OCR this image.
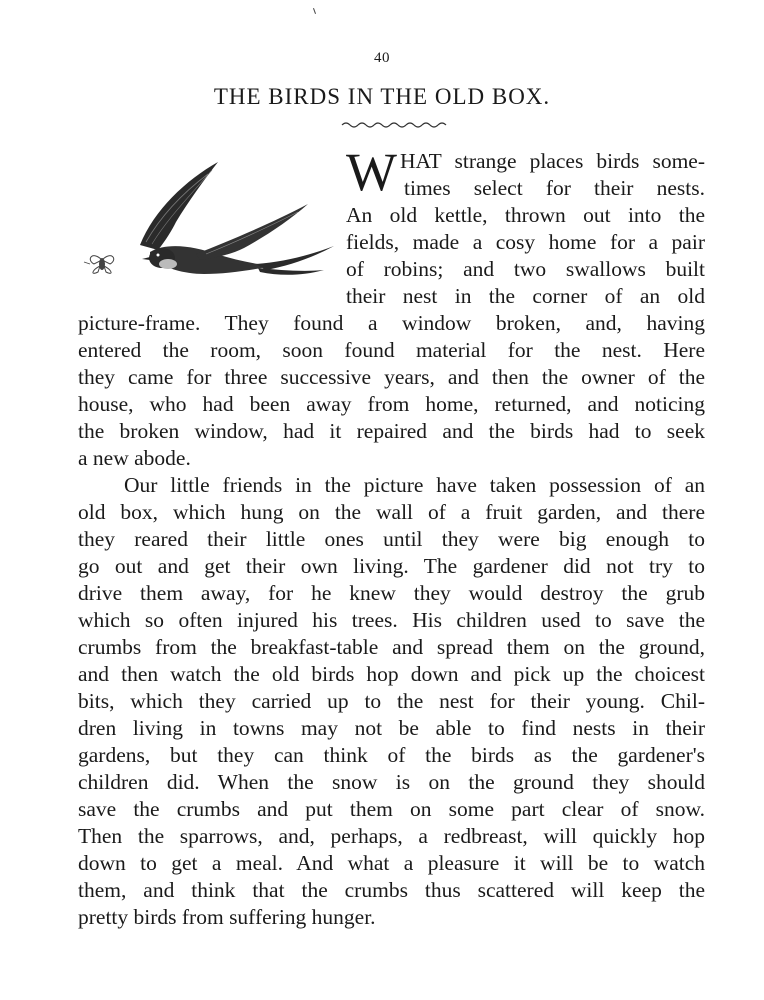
40
THE BIRDS IN THE OLD BOX.
W HAT strange places birds some-
times select for their nests.
An old kettle, thrown out into the
fields, made a cosy home for a pair
of robins; and two swallows built
their nest in the corner of an old
picture-frame. They found a window broken, and, having
entered the room, soon found material for the nest. Here
they came for three successive years, and then the owner of the
house, who had been away from home, returned, and noticing
the broken window, had it repaired and the birds had to seek
a new abode.
Our little friends in the picture have taken possession of an
old box, which hung on the wall of a fruit garden, and there
they reared their little ones until they were big enough to
go out and get their own living. The gardener did not try to
drive them away, for he knew they would destroy the grub
which so often injured his trees. His children used to save the
crumbs from the breakfast-table and spread them on the ground,
and then watch the old birds hop down and pick up the choicest
bits, which they carried up to the nest for their young. Chil-
dren living in towns may not be able to find nests in their
gardens, but they can think of the birds as the gardener's
children did. When the snow is on the ground they should
save the crumbs and put them on some part clear of snow.
Then the sparrows, and, perhaps, a redbreast, will quickly hop
down to get a meal. And what a pleasure it will be to watch
them, and think that the crumbs thus scattered will keep the
pretty birds from suffering hunger.
